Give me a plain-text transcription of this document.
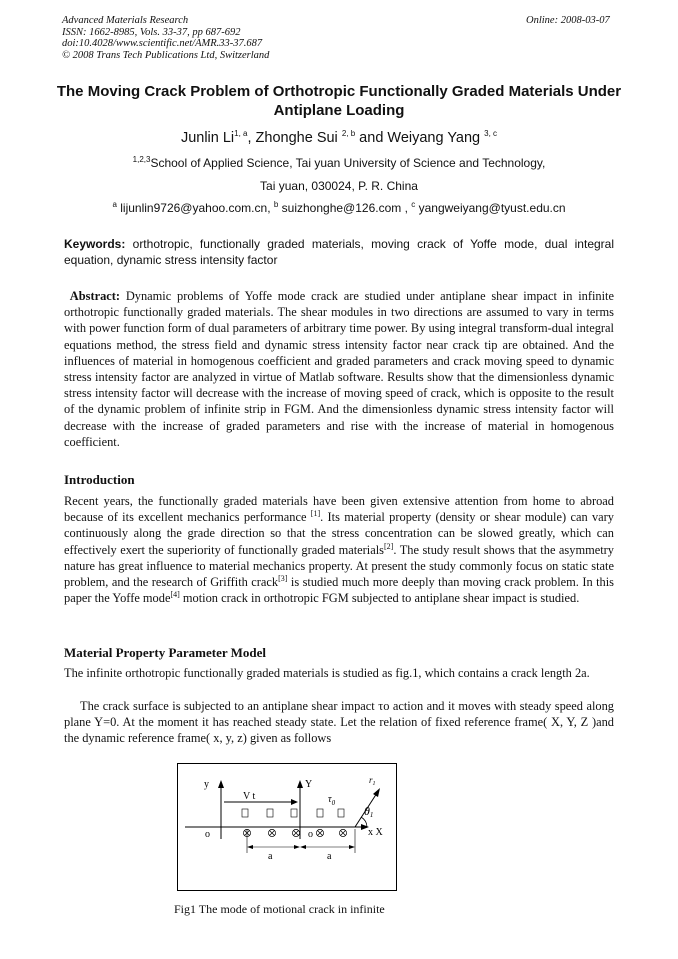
Advanced Materials Research
ISSN: 1662-8985, Vols. 33-37, pp 687-692
doi:10.4028/www.scientific.net/AMR.33-37.687
© 2008 Trans Tech Publications Ltd, Switzerland
Online: 2008-03-07
The Moving Crack Problem of Orthotropic Functionally Graded Materials Under Antiplane Loading
Junlin Li$^{1, a}$, Zhonghe Sui $^{2, b}$ and Weiyang Yang $^{3, c}$
$^{1,2,3}$School of Applied Science, Tai yuan University of Science and Technology,
Tai yuan, 030024, P. R. China
$^a$ lijunlin9726@yahoo.com.cn, $^b$ suizhonghe@126.com , $^c$ yangweiyang@tyust.edu.cn
Keywords: orthotropic, functionally graded materials, moving crack of Yoffe mode, dual integral equation, dynamic stress intensity factor
Abstract: Dynamic problems of Yoffe mode crack are studied under antiplane shear impact in infinite orthotropic functionally graded materials. The shear modules in two directions are assumed to vary in terms with power function form of dual parameters of arbitrary time power. By using integral transform-dual integral equations method, the stress field and dynamic stress intensity factor near crack tip are obtained. And the influences of material in homogenous coefficient and graded parameters and crack moving speed to dynamic stress intensity factor are analyzed in virtue of Matlab software. Results show that the dimensionless dynamic stress intensity factor will decrease with the increase of moving speed of crack, which is opposite to the result of the dynamic problem of infinite strip in FGM. And the dimensionless dynamic stress intensity factor will decrease with the increase of graded parameters and rise with the increase of material in homogenous coefficient.
Introduction
Recent years, the functionally graded materials have been given extensive attention from home to abroad because of its excellent mechanics performance [1]. Its material property (density or shear module) can vary continuously along the grade direction so that the stress concentration can be slowed greatly, which can effectively exert the superiority of functionally graded materials[2]. The study result shows that the asymmetry nature has great influence to material mechanics property. At present the study commonly focus on static state problem, and the research of Griffith crack[3] is studied much more deeply than moving crack problem. In this paper the Yoffe mode[4] motion crack in orthotropic FGM subjected to antiplane shear impact is studied.
Material Property Parameter Model
The infinite orthotropic functionally graded materials is studied as fig.1, which contains a crack length 2a.
The crack surface is subjected to an antiplane shear impact τo action and it moves with steady speed along plane Y=0. At the moment it has reached steady state. Let the relation of fixed reference frame( X, Y, Z )and the dynamic reference frame( x, y, z) given as follows
y	Y
V t	$\tau_0$
$r_1$
θ1
o	o	x X
a	a
Fig1 The mode of motional crack in infinite
